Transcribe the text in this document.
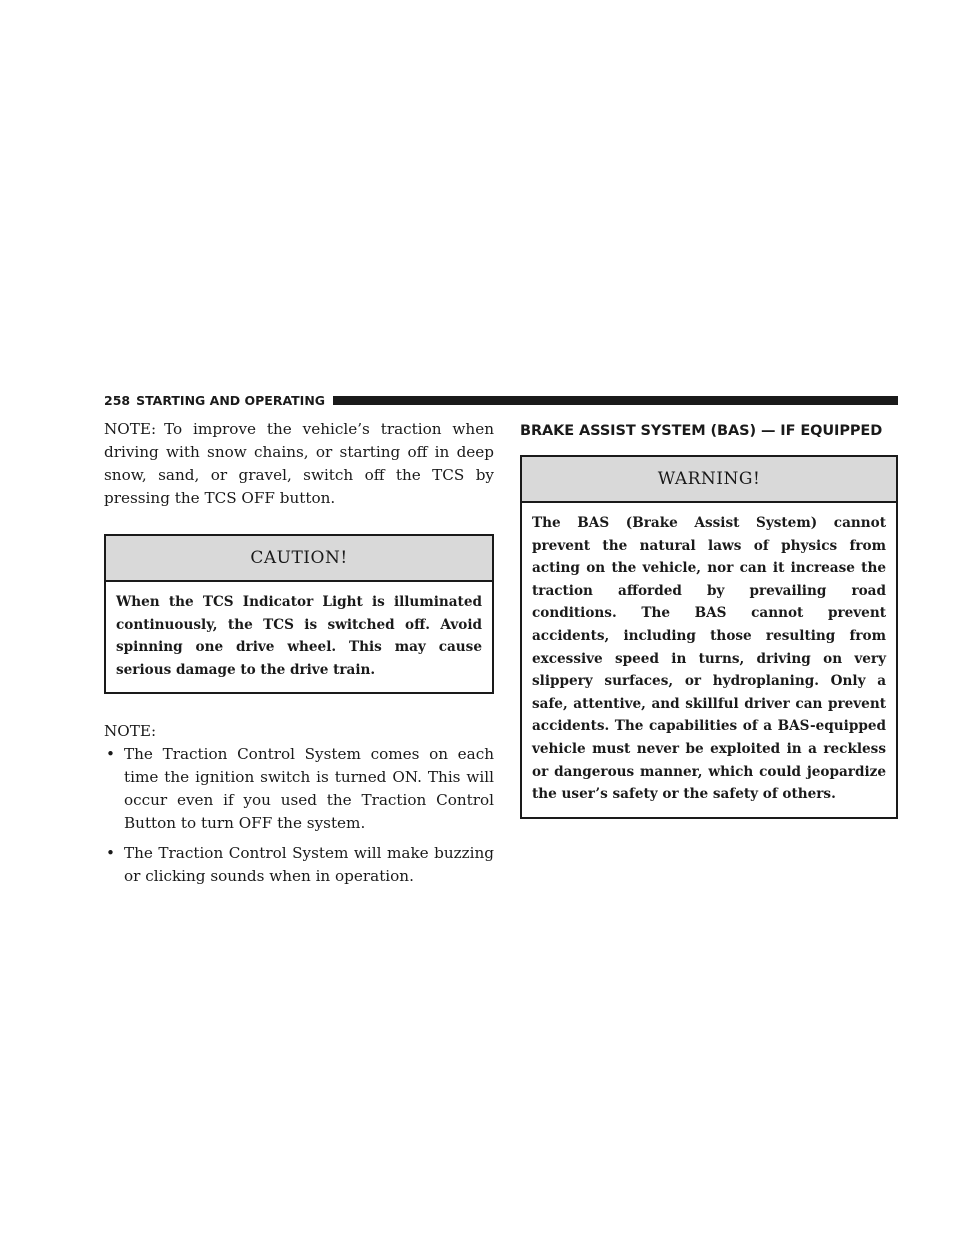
258 STARTING AND OPERATING

NOTE: To improve the vehicle’s traction when driving with snow chains, or starting off in deep snow, sand, or gravel, switch off the TCS by pressing the TCS OFF button.

CAUTION!
When the TCS Indicator Light is illuminated continuously, the TCS is switched off. Avoid spinning one drive wheel. This may cause serious damage to the drive train.
NOTE:
• The Traction Control System comes on each time the ignition switch is turned ON. This will occur even if you used the Traction Control Button to turn OFF the system.
• The Traction Control System will make buzzing or clicking sounds when in operation.
BRAKE ASSIST SYSTEM (BAS) — IF EQUIPPED
WARNING!
The BAS (Brake Assist System) cannot prevent the natural laws of physics from acting on the vehicle, nor can it increase the traction afforded by prevailing road conditions. The BAS cannot prevent accidents, including those resulting from excessive speed in turns, driving on very slippery surfaces, or hydroplaning. Only a safe, attentive, and skillful driver can prevent accidents. The capabilities of a BAS-equipped vehicle must never be exploited in a reckless or dangerous manner, which could jeopardize the user’s safety or the safety of others.
